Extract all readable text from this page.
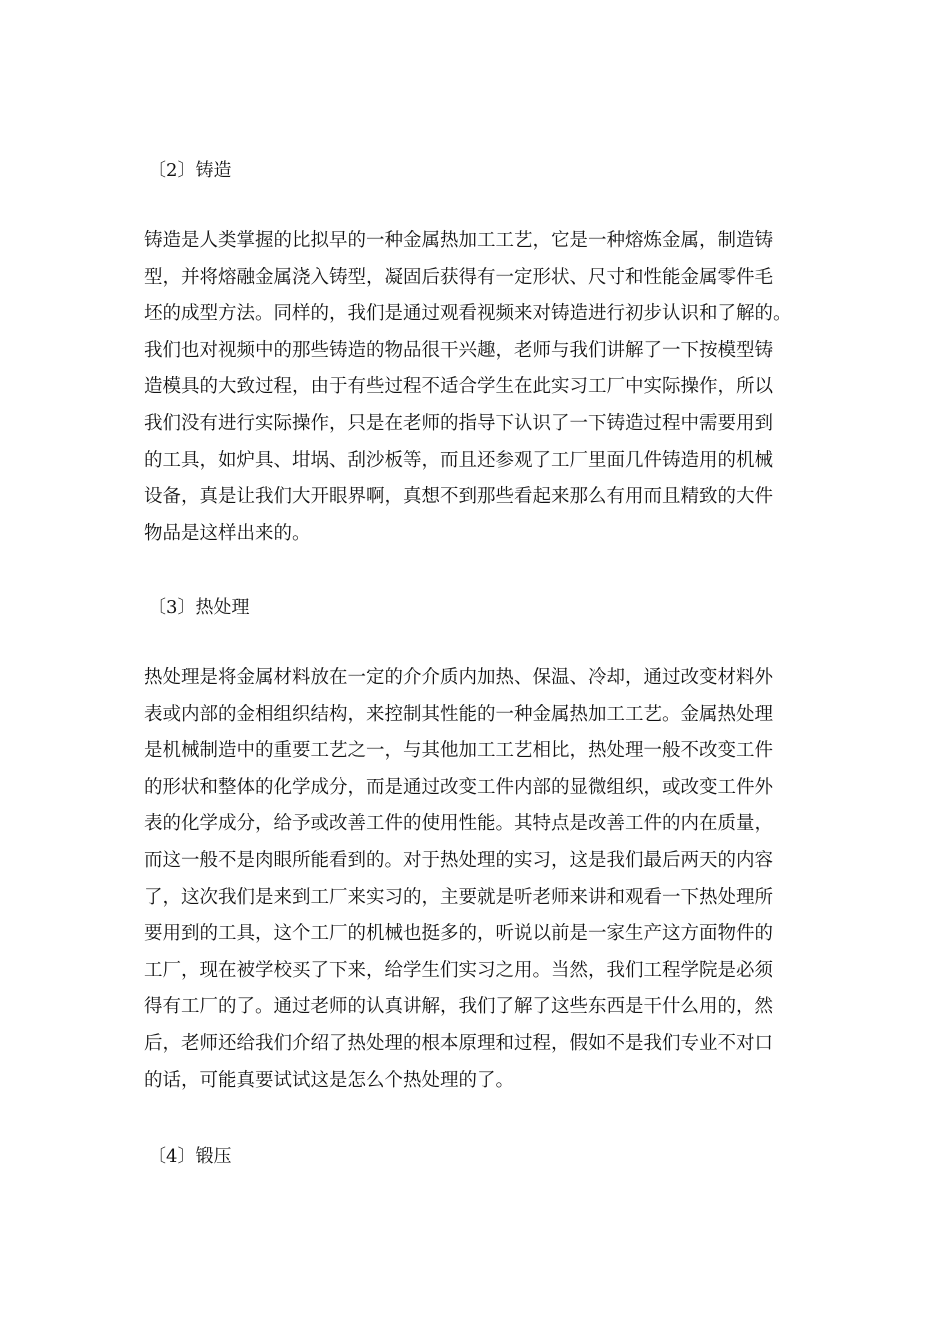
〔2〕铸造
铸造是人类掌握的比拟早的一种金属热加工工艺，它是一种熔炼金属，制造铸
型，并将熔融金属浇入铸型，凝固后获得有一定形状、尺寸和性能金属零件毛
坯的成型方法。同样的，我们是通过观看视频来对铸造进行初步认识和了解的。
我们也对视频中的那些铸造的物品很干兴趣，老师与我们讲解了一下按模型铸
造模具的大致过程，由于有些过程不适合学生在此实习工厂中实际操作，所以
我们没有进行实际操作，只是在老师的指导下认识了一下铸造过程中需要用到
的工具，如炉具、坩埚、刮沙板等，而且还参观了工厂里面几件铸造用的机械
设备，真是让我们大开眼界啊，真想不到那些看起来那么有用而且精致的大件
物品是这样出来的。
〔3〕热处理
热处理是将金属材料放在一定的介介质内加热、保温、冷却，通过改变材料外
表或内部的金相组织结构，来控制其性能的一种金属热加工工艺。金属热处理
是机械制造中的重要工艺之一，与其他加工工艺相比，热处理一般不改变工件
的形状和整体的化学成分，而是通过改变工件内部的显微组织，或改变工件外
表的化学成分，给予或改善工件的使用性能。其特点是改善工件的内在质量，
而这一般不是肉眼所能看到的。对于热处理的实习，这是我们最后两天的内容
了，这次我们是来到工厂来实习的，主要就是听老师来讲和观看一下热处理所
要用到的工具，这个工厂的机械也挺多的，听说以前是一家生产这方面物件的
工厂，现在被学校买了下来，给学生们实习之用。当然，我们工程学院是必须
得有工厂的了。通过老师的认真讲解，我们了解了这些东西是干什么用的，然
后，老师还给我们介绍了热处理的根本原理和过程，假如不是我们专业不对口
的话，可能真要试试这是怎么个热处理的了。
〔4〕锻压
